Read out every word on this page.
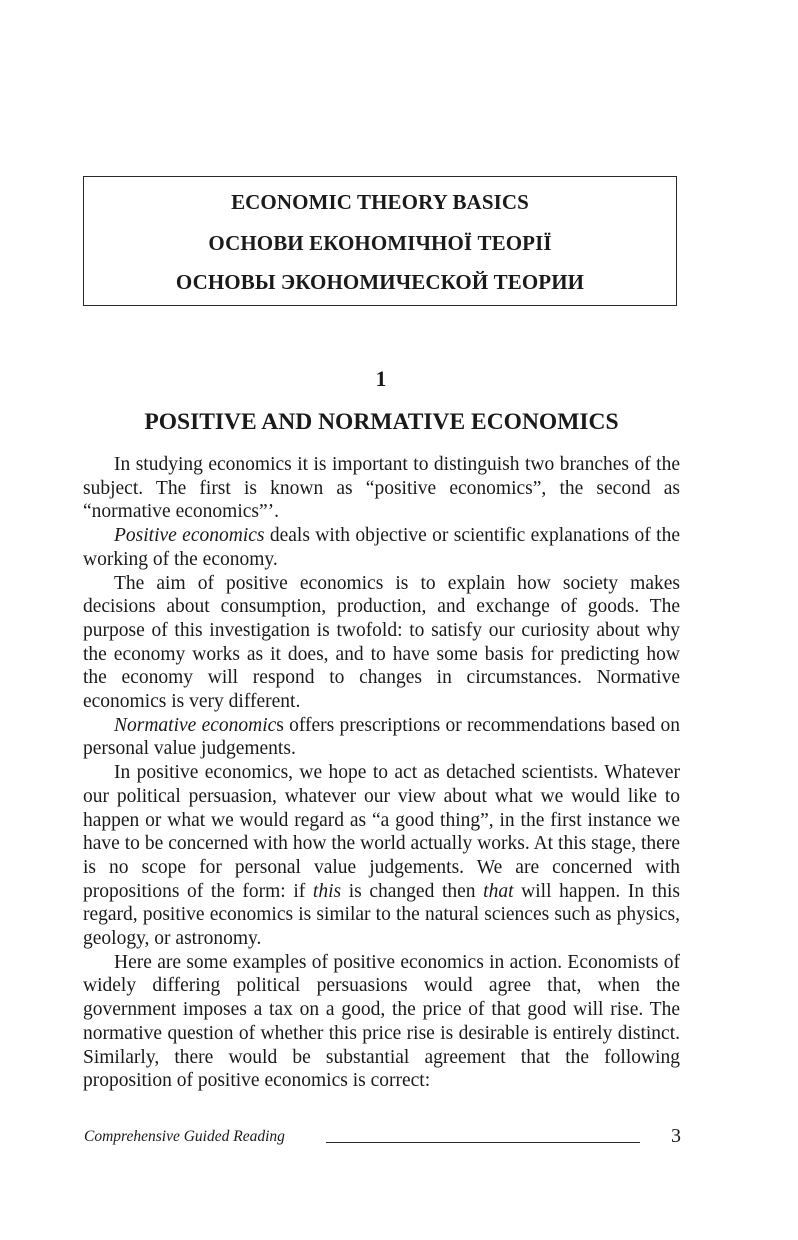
ECONOMIC THEORY BASICS
ОСНОВИ ЕКОНОМІЧНОЇ ТЕОРІЇ
ОСНОВЫ ЭКОНОМИЧЕСКОЙ ТЕОРИИ
1
POSITIVE AND NORMATIVE ECONOMICS

In studying economics it is important to distinguish two branches of the subject. The first is known as “positive economics”, the second as “normative economics”’.

Positive economics deals with objective or scientific explanations of the working of the economy.

The aim of positive economics is to explain how society makes decisions about consumption, production, and exchange of goods. The purpose of this investigation is twofold: to satisfy our curiosity about why the economy works as it does, and to have some basis for predicting how the economy will respond to changes in circumstances. Normative economics is very different.

Normative economics offers prescriptions or recommendations based on personal value judgements.

In positive economics, we hope to act as detached scientists. Whatever our political persuasion, whatever our view about what we would like to happen or what we would regard as “a good thing”, in the first instance we have to be concerned with how the world actually works. At this stage, there is no scope for personal value judgements. We are concerned with propositions of the form: if this is changed then that will happen. In this regard, positive economics is similar to the natural sciences such as physics, geology, or astronomy.

Here are some examples of positive economics in action. Economists of widely differing political persuasions would agree that, when the government imposes a tax on a good, the price of that good will rise. The normative question of whether this price rise is desirable is entirely distinct. Similarly, there would be substantial agreement that the following proposition of positive economics is correct:

Comprehensive Guided Reading	3
